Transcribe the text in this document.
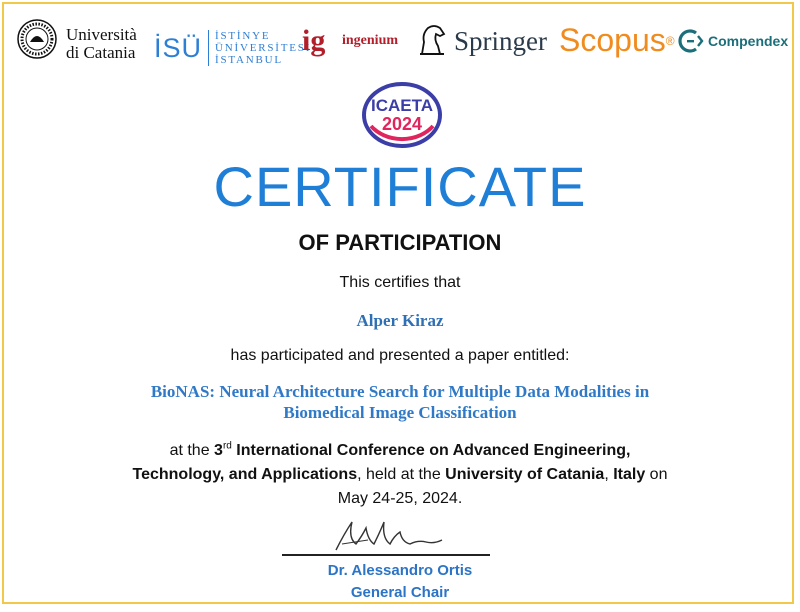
Università
di Catania İSÜ İSTİNYE
ÜNİVERSİTESİ
İSTANBUL
ig	ingenium Springer Scopus ® Compendex
ICAETA
2024
CERTIFICATE
OF PARTICIPATION
This certifies that
Alper Kiraz
has participated and presented a paper entitled:
BioNAS: Neural Architecture Search for Multiple Data Modalities in Biomedical Image Classification
at the 3rd International Conference on Advanced Engineering, Technology, and Applications, held at the University of Catania, Italy on May 24-25, 2024.
Dr. Alessandro Ortis
General Chair
